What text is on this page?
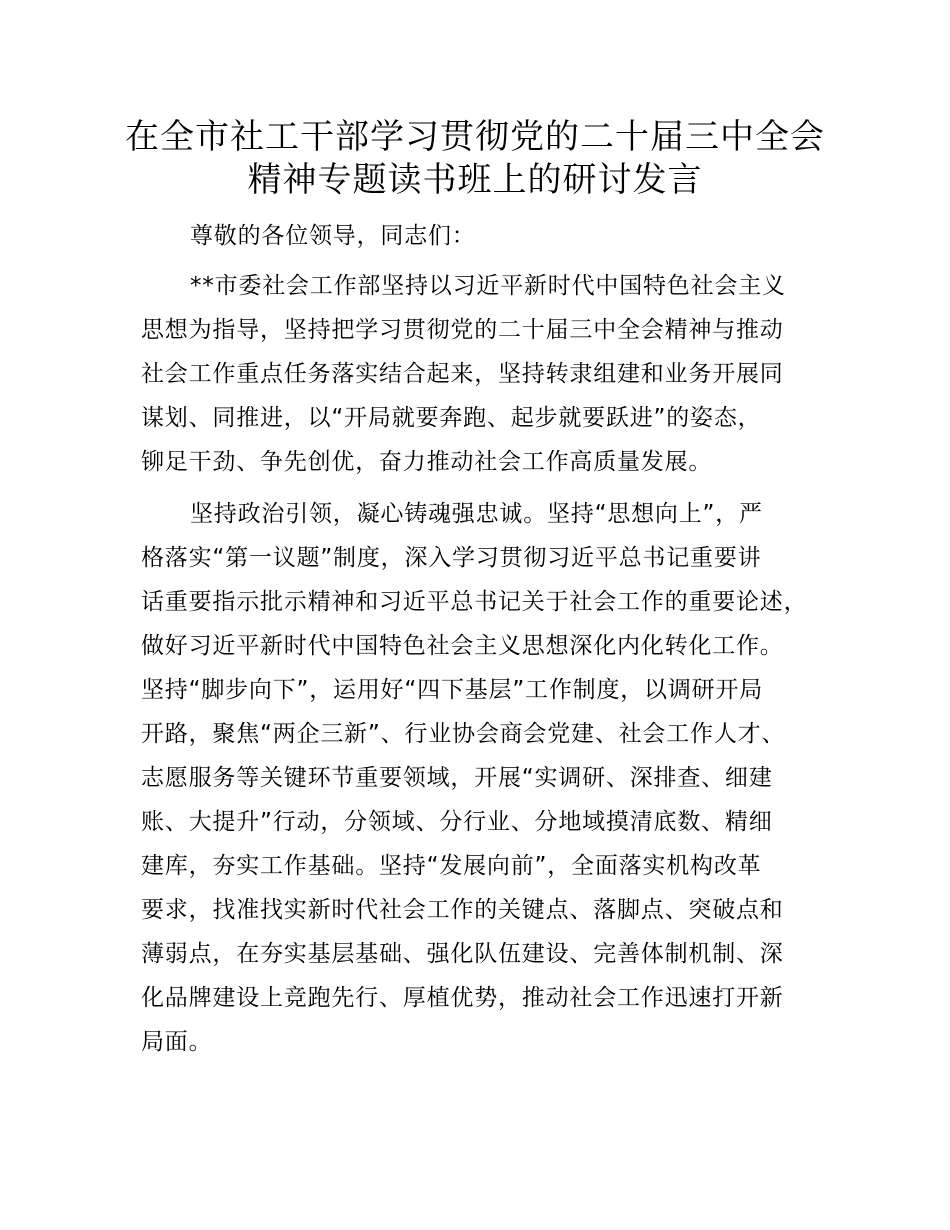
在全市社工干部学习贯彻党的二十届三中全会
精神专题读书班上的研讨发言

尊敬的各位领导，同志们：

**市委社会工作部坚持以习近平新时代中国特色社会主义

思想为指导，坚持把学习贯彻党的二十届三中全会精神与推动

社会工作重点任务落实结合起来，坚持转隶组建和业务开展同

谋划、同推进，以“开局就要奔跑、起步就要跃进”的姿态，

铆足干劲、争先创优，奋力推动社会工作高质量发展。

坚持政治引领，凝心铸魂强忠诚。坚持“思想向上”，严

格落实“第一议题”制度，深入学习贯彻习近平总书记重要讲

话重要指示批示精神和习近平总书记关于社会工作的重要论述，

做好习近平新时代中国特色社会主义思想深化内化转化工作。

坚持“脚步向下”，运用好“四下基层”工作制度，以调研开局

开路，聚焦“两企三新”、行业协会商会党建、社会工作人才、

志愿服务等关键环节重要领域，开展“实调研、深排查、细建

账、大提升”行动，分领域、分行业、分地域摸清底数、精细

建库，夯实工作基础。坚持“发展向前”，全面落实机构改革

要求，找准找实新时代社会工作的关键点、落脚点、突破点和

薄弱点，在夯实基层基础、强化队伍建设、完善体制机制、深

化品牌建设上竞跑先行、厚植优势，推动社会工作迅速打开新

局面。
